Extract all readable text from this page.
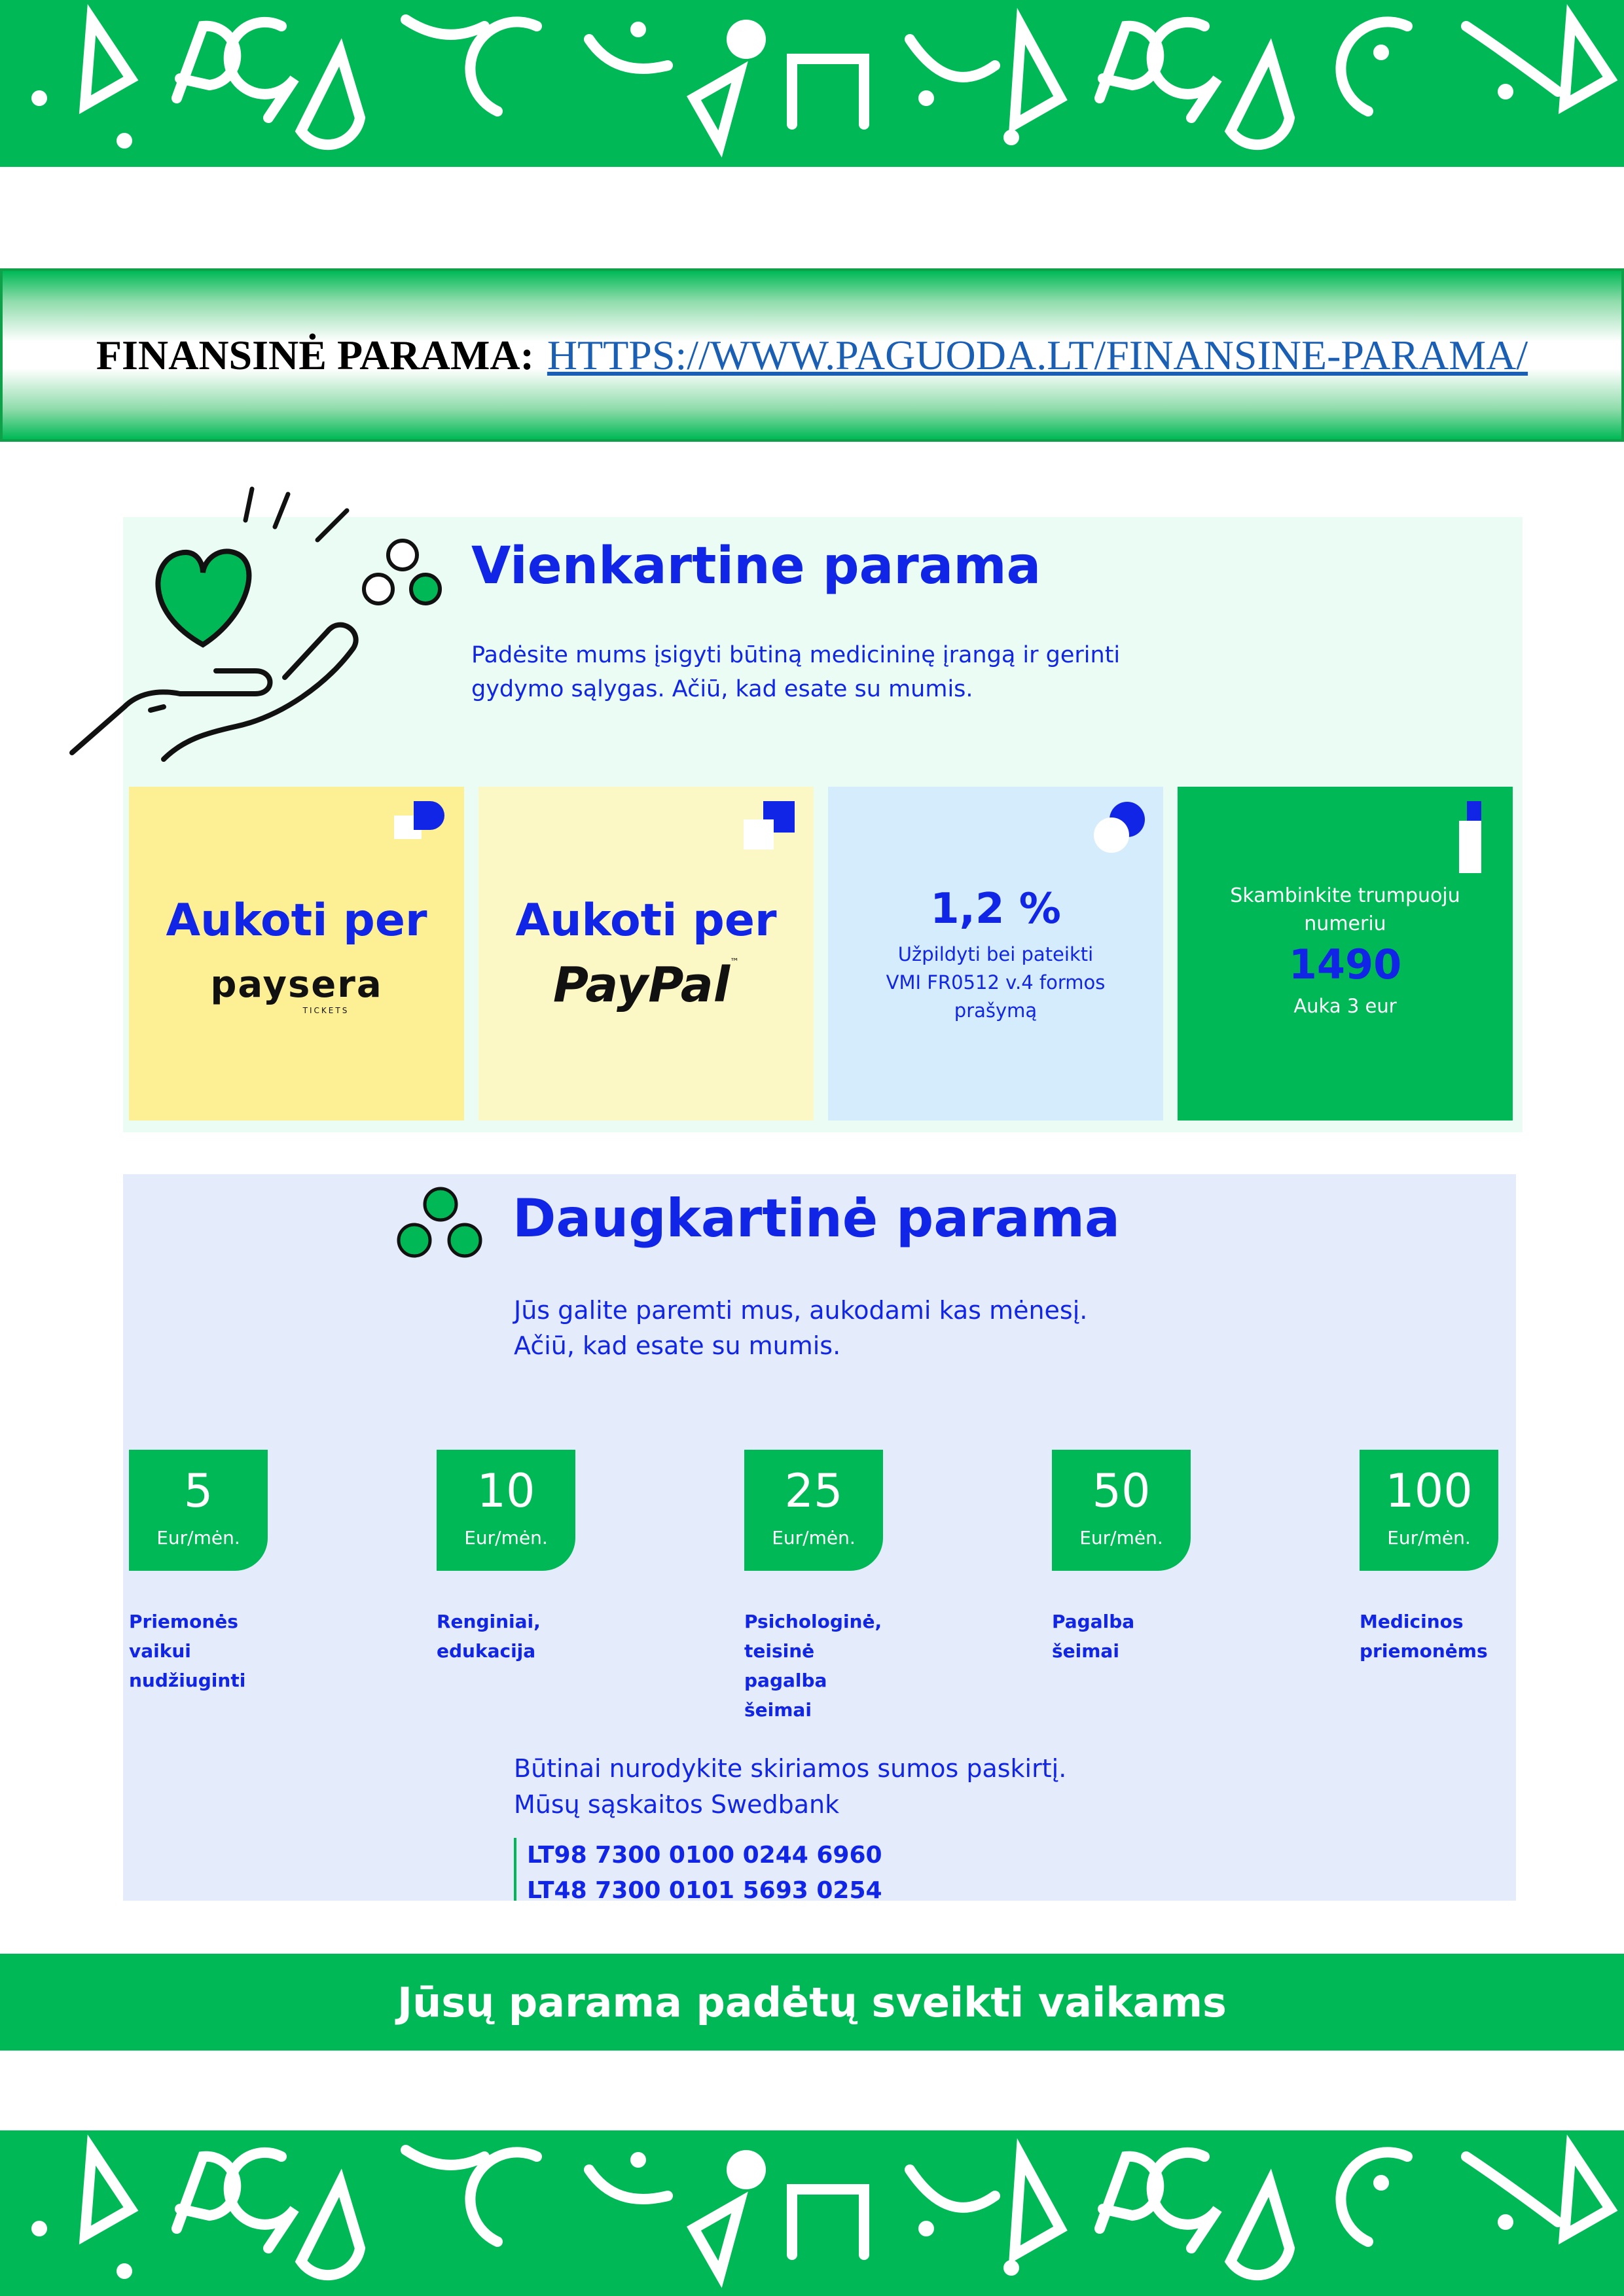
FINANSINĖ PARAMA: HTTPS://WWW.PAGUODA.LT/FINANSINE-PARAMA/
Vienkartine parama
Padėsite mums įsigyti būtiną medicininę įrangą ir gerinti
gydymo sąlygas. Ačiū, kad esate su mumis.
Aukoti per
paysera
TICKETS
Aukoti per
PayPal™
1,2 %
Užpildyti bei pateikti
VMI FR0512 v.4 formos
prašymą
Skambinkite trumpuoju
numeriu
1490
Auka 3 eur
Daugkartinė parama
Jūs galite paremti mus, aukodami kas mėnesį.
Ačiū, kad esate su mumis.
5
Eur/mėn.
Priemonės
vaikui
nudžiuginti
10
Eur/mėn.
Renginiai,
edukacija
25
Eur/mėn.
Psichologinė,
teisinė pagalba
šeimai
50
Eur/mėn.
Pagalba
šeimai
100
Eur/mėn.
Medicinos
priemonėms
Būtinai nurodykite skiriamos sumos paskirtį.
Mūsų sąskaitos Swedbank
LT98 7300 0100 0244 6960
LT48 7300 0101 5693 0254
Jūsų parama padėtų sveikti vaikams
